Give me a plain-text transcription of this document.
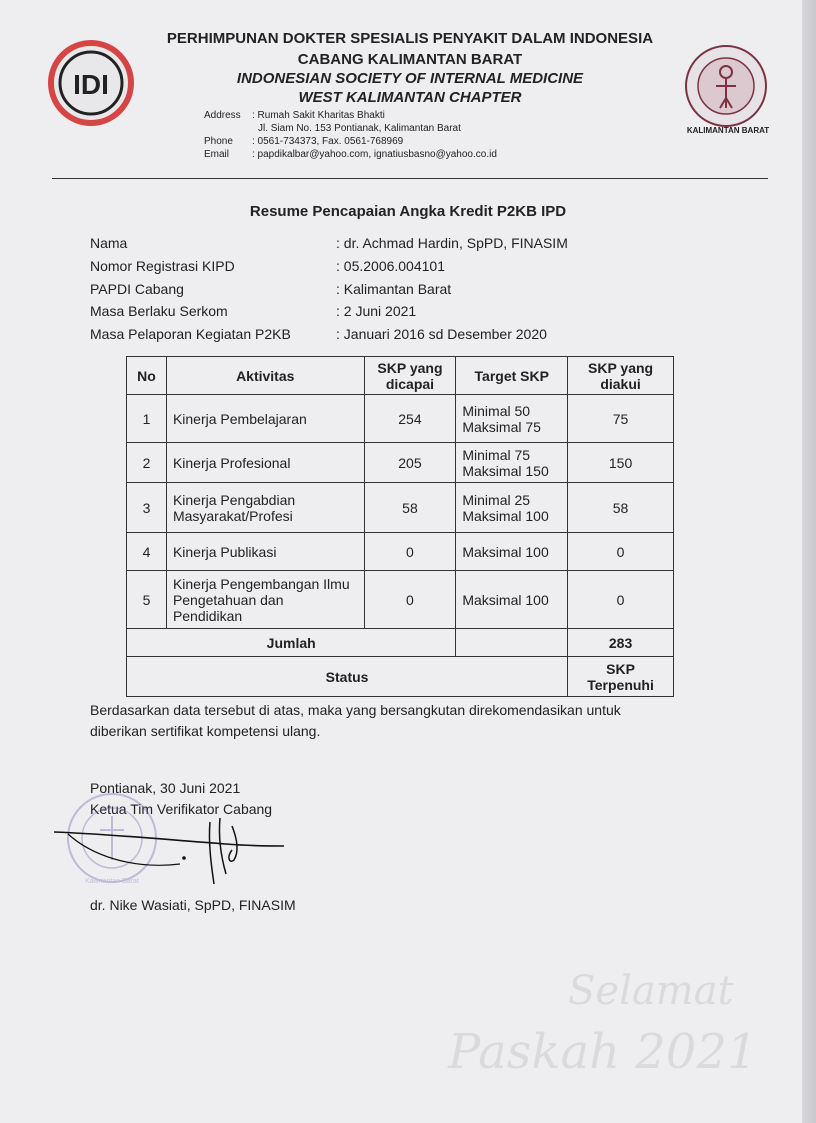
IDI
KALIMANTAN BARAT
PERHIMPUNAN DOKTER SPESIALIS PENYAKIT DALAM INDONESIA
CABANG KALIMANTAN BARAT
INDONESIAN SOCIETY OF INTERNAL MEDICINE
WEST KALIMANTAN CHAPTER
Address : Rumah Sakit Kharitas Bhakti
Jl. Siam No. 153 Pontianak, Kalimantan Barat
Phone : 0561-734373, Fax. 0561-768969
Email : papdikalbar@yahoo.com, ignatiusbasno@yahoo.co.id
Resume Pencapaian Angka Kredit P2KB IPD
Nama	: dr. Achmad Hardin, SpPD, FINASIM
Nomor Registrasi KIPD	: 05.2006.004101
PAPDI Cabang	: Kalimantan Barat
Masa Berlaku Serkom	: 2 Juni 2021
Masa Pelaporan Kegiatan P2KB	: Januari 2016 sd Desember 2020
No	Aktivitas	SKP yang
dicapai	Target SKP	SKP yang
diakui
1	Kinerja Pembelajaran	254	Minimal 50
Maksimal 75	75
2	Kinerja Profesional	205	Minimal 75
Maksimal 150	150
3	Kinerja Pengabdian
Masyarakat/Profesi	58	Minimal 25
Maksimal 100	58
4	Kinerja Publikasi	0	Maksimal 100	0
5	Kinerja Pengembangan Ilmu
Pengetahuan dan
Pendidikan	0	Maksimal 100	0
Jumlah				283
Status				SKP
Terpenuhi
Berdasarkan data tersebut di atas, maka yang bersangkutan direkomendasikan untuk diberikan sertifikat kompetensi ulang.
Pontianak, 30 Juni 2021
Ketua Tim Verifikator Cabang
Kalimantan Barat
dr. Nike Wasiati, SpPD, FINASIM
Selamat
Paskah 2021
